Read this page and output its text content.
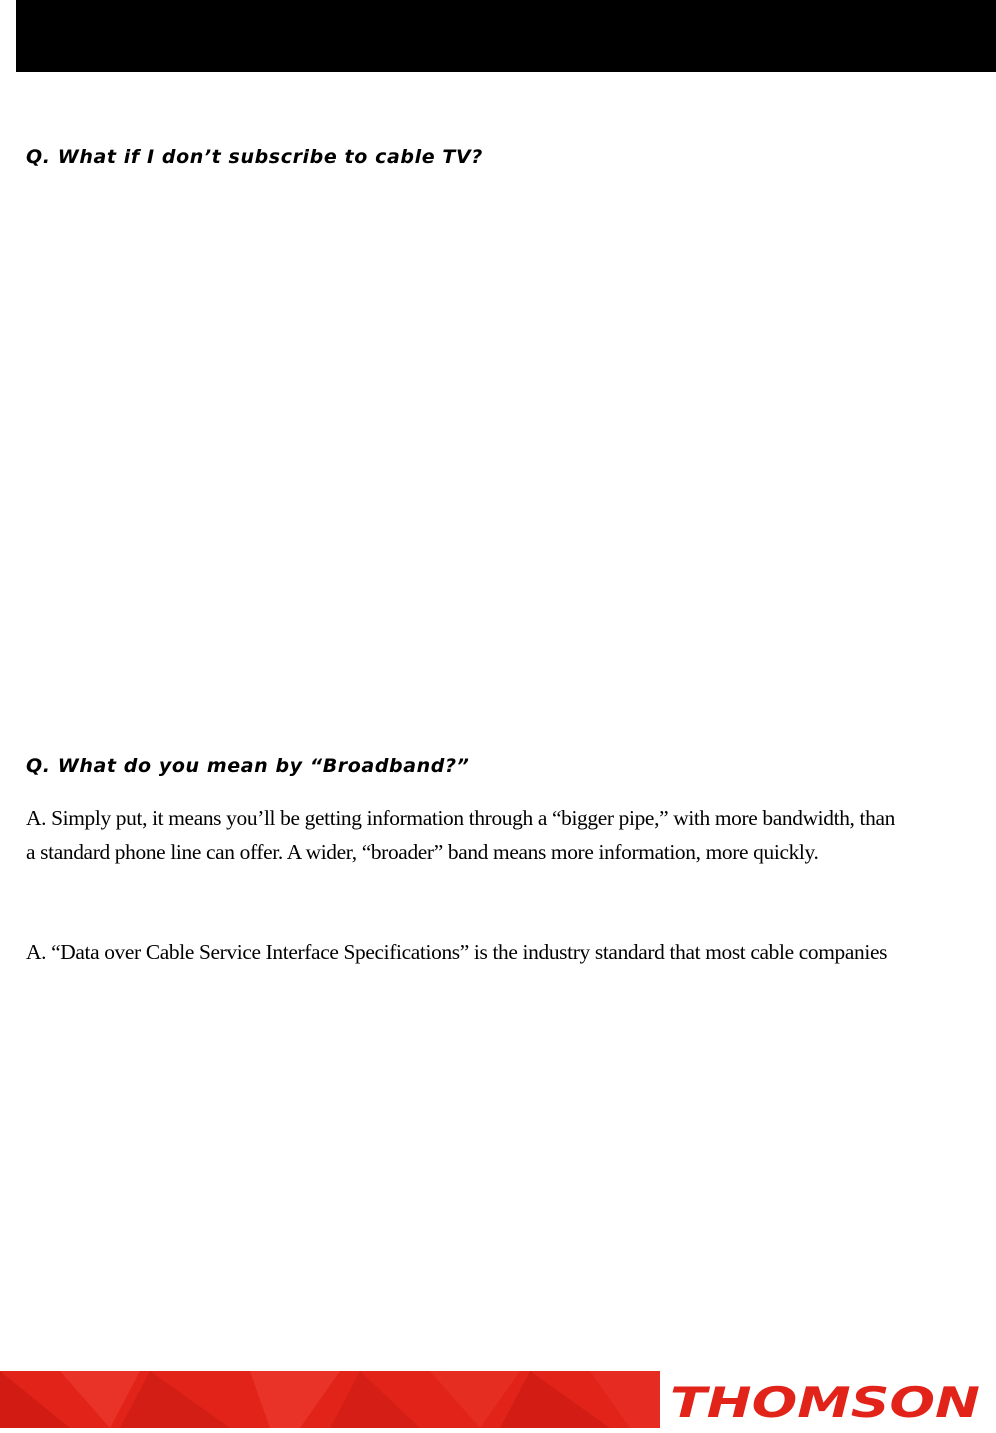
Q. What if I don’t subscribe to cable TV?
Q. What do you mean by “Broadband?”

A. Simply put, it means you’ll be getting information through a “bigger pipe,” with more bandwidth, than

a standard phone line can offer. A wider, “broader” band means more information, more quickly.

A. “Data over Cable Service Interface Specifications” is the industry standard that most cable companies

THOMSON
